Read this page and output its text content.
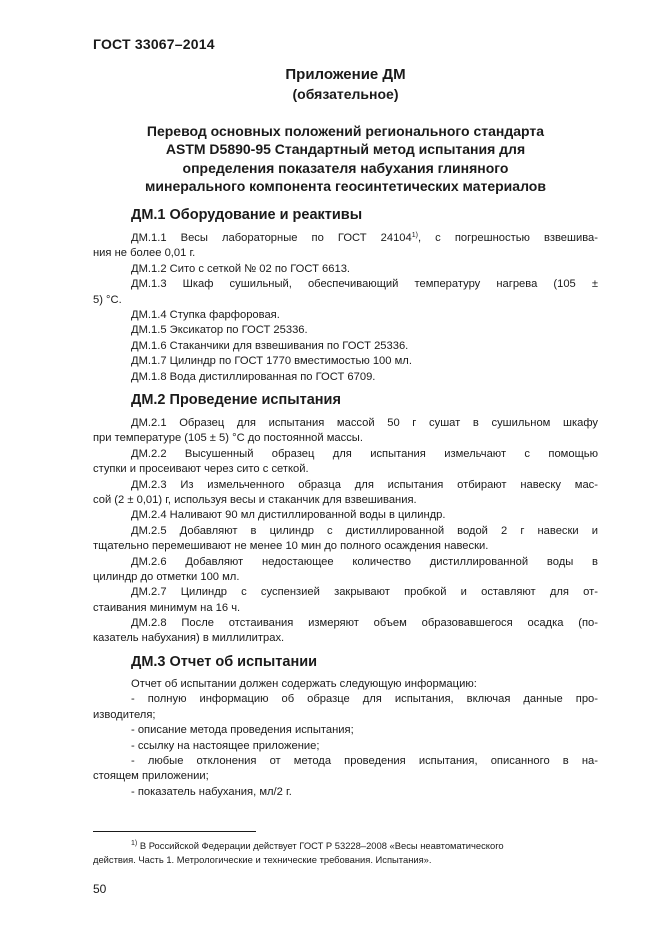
ГОСТ 33067–2014
Приложение ДМ
(обязательное)
Перевод основных положений регионального стандарта
ASTM D5890-95 Стандартный метод испытания для
определения показателя набухания глиняного
минерального компонента геосинтетических материалов
ДМ.1 Оборудование и реактивы
ДМ.1.1 Весы лабораторные по ГОСТ 24104$^{1)}$, с погрешностью взвешива-
ния не более 0,01 г.
ДМ.1.2 Сито с сеткой № 02 по ГОСТ 6613.
ДМ.1.3 Шкаф сушильный, обеспечивающий температуру нагрева (105 ±
5) °С.
ДМ.1.4 Ступка фарфоровая.
ДМ.1.5 Эксикатор по ГОСТ 25336.
ДМ.1.6 Стаканчики для взвешивания по ГОСТ 25336.
ДМ.1.7 Цилиндр по ГОСТ 1770 вместимостью 100 мл.
ДМ.1.8 Вода дистиллированная по ГОСТ 6709.
ДМ.2 Проведение испытания
ДМ.2.1 Образец для испытания массой 50 г сушат в сушильном шкафу
при температуре (105 ± 5) °С до постоянной массы.
ДМ.2.2 Высушенный образец для испытания измельчают с помощью
ступки и просеивают через сито с сеткой.
ДМ.2.3 Из измельченного образца для испытания отбирают навеску мас-
сой (2 ± 0,01) г, используя весы и стаканчик для взвешивания.
ДМ.2.4 Наливают 90 мл дистиллированной воды в цилиндр.
ДМ.2.5 Добавляют в цилиндр с дистиллированной водой 2 г навески и
тщательно перемешивают не менее 10 мин до полного осаждения навески.
ДМ.2.6 Добавляют недостающее количество дистиллированной воды в
цилиндр до отметки 100 мл.
ДМ.2.7 Цилиндр с суспензией закрывают пробкой и оставляют для от-
стаивания минимум на 16 ч.
ДМ.2.8 После отстаивания измеряют объем образовавшегося осадка (по-
казатель набухания) в миллилитрах.
ДМ.3 Отчет об испытании
Отчет об испытании должен содержать следующую информацию:
- полную информацию об образце для испытания, включая данные про-
изводителя;
- описание метода проведения испытания;
- ссылку на настоящее приложение;
- любые отклонения от метода проведения испытания, описанного в на-
стоящем приложении;
- показатель набухания, мл/2 г.
$^{1)}$ В Российской Федерации действует ГОСТ Р 53228–2008 «Весы неавтоматического
действия. Часть 1. Метрологические и технические требования. Испытания».
50
